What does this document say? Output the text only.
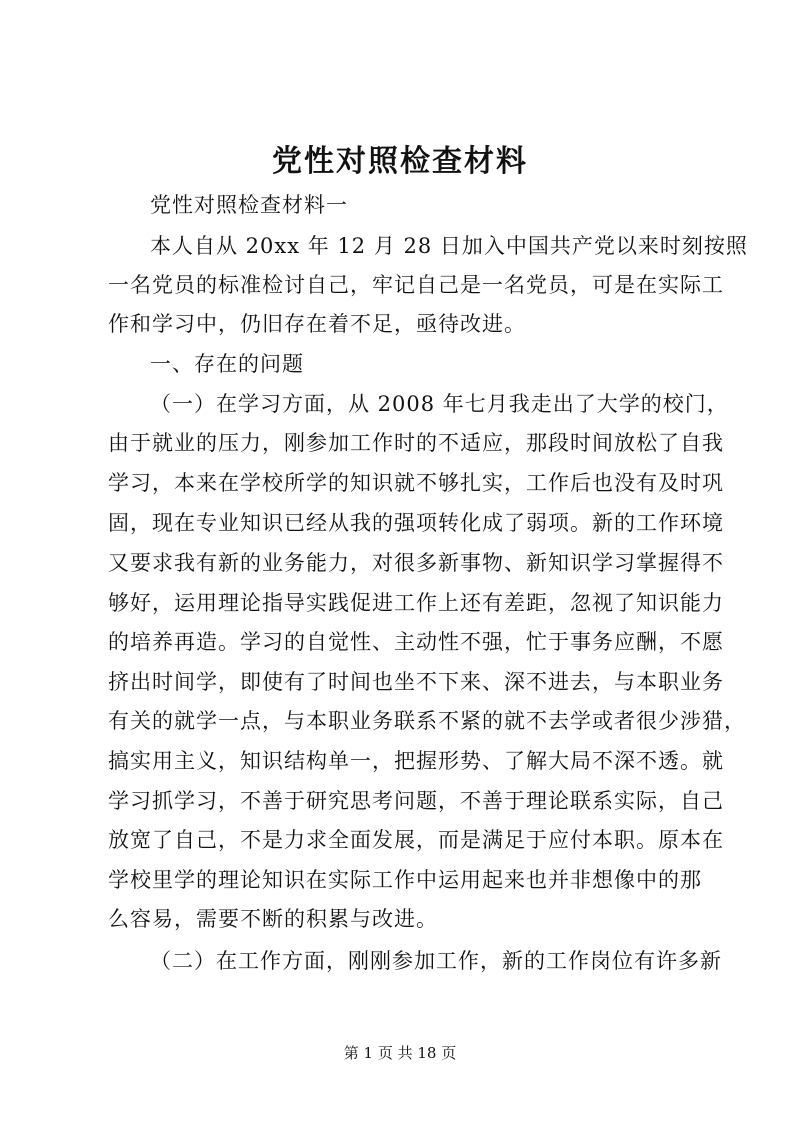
党性对照检查材料
党性对照检查材料一
本人自从 20xx 年 12 月 28 日加入中国共产党以来时刻按照
一名党员的标准检讨自己，牢记自己是一名党员，可是在实际工
作和学习中，仍旧存在着不足，亟待改进。
一、存在的问题
（一）在学习方面，从 2008 年七月我走出了大学的校门，
由于就业的压力，刚参加工作时的不适应，那段时间放松了自我
学习，本来在学校所学的知识就不够扎实，工作后也没有及时巩
固，现在专业知识已经从我的强项转化成了弱项。新的工作环境
又要求我有新的业务能力，对很多新事物、新知识学习掌握得不
够好，运用理论指导实践促进工作上还有差距，忽视了知识能力
的培养再造。学习的自觉性、主动性不强，忙于事务应酬，不愿
挤出时间学，即使有了时间也坐不下来、深不进去，与本职业务
有关的就学一点，与本职业务联系不紧的就不去学或者很少涉猎，
搞实用主义，知识结构单一，把握形势、了解大局不深不透。就
学习抓学习，不善于研究思考问题，不善于理论联系实际，自己
放宽了自己，不是力求全面发展，而是满足于应付本职。原本在
学校里学的理论知识在实际工作中运用起来也并非想像中的那
么容易，需要不断的积累与改进。
（二）在工作方面，刚刚参加工作，新的工作岗位有许多新
第 1 页 共 18 页
